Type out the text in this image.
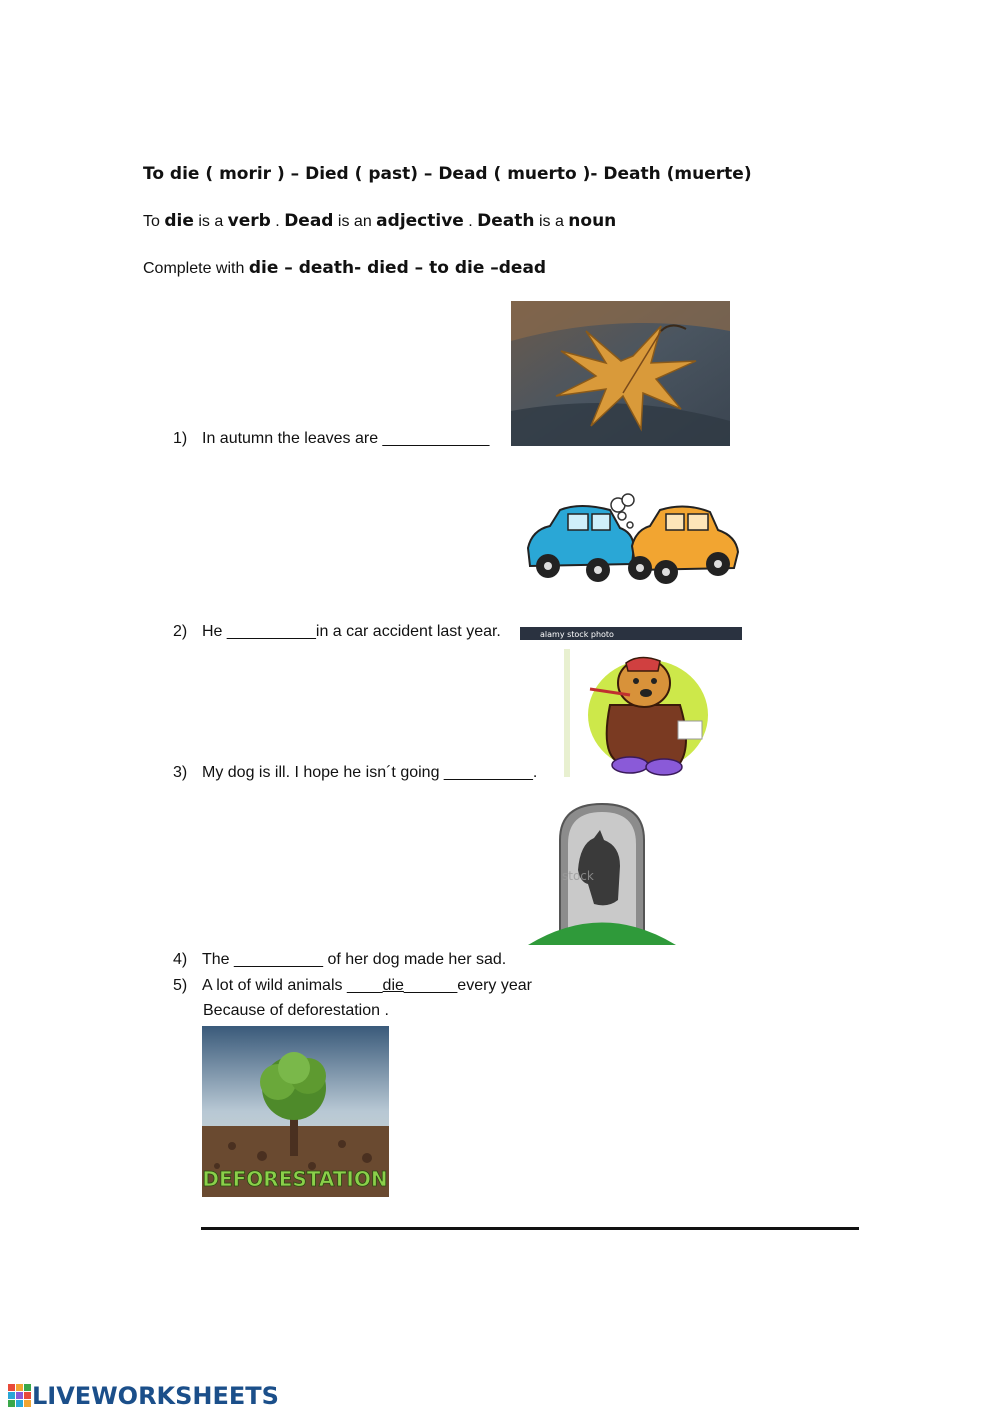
To die ( morir ) – Died ( past) – Dead ( muerto )- Death (muerte)
To die is a verb . Dead is an adjective . Death is a noun
Complete with die – death- died – to die –dead
1) In autumn the leaves are ____________
alamy stock photo
2) He __________in a car accident last year.
3) My dog is ill. I hope he isn´t going __________.
stock
4) The __________ of her dog made her sad.
5) A lot of wild animals ____die______every year
Because of deforestation .
DEFORESTATION
LIVEWORKSHEETS
